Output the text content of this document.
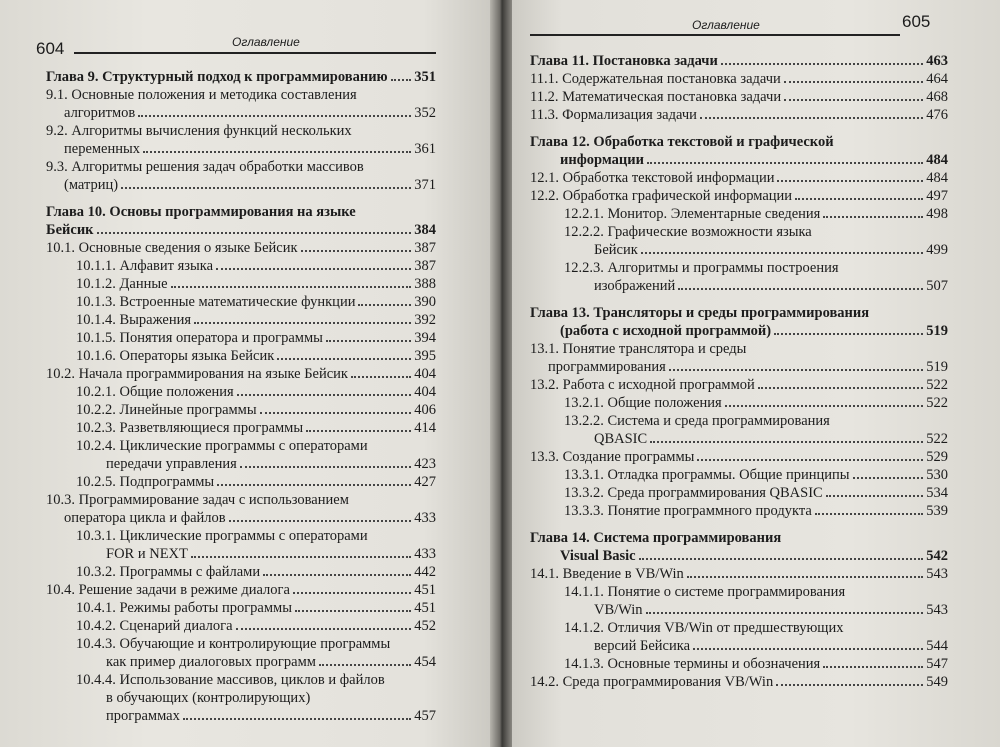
604	Оглавление
Глава 9. Структурный подход к программированию 351
9.1. Основные положения и методика составления
алгоритмов	352
9.2. Алгоритмы вычисления функций нескольких
переменных	361
9.3. Алгоритмы решения задач обработки массивов
(матриц)	371
Глава 10. Основы программирования на языке
Бейсик	384
10.1. Основные сведения о языке Бейсик	387
10.1.1. Алфавит языка	387
10.1.2. Данные	388
10.1.3. Встроенные математические функции	390
10.1.4. Выражения	392
10.1.5. Понятия оператора и программы	394
10.1.6. Операторы языка Бейсик	395
10.2. Начала программирования на языке Бейсик	404
10.2.1. Общие положения	404
10.2.2. Линейные программы	406
10.2.3. Разветвляющиеся программы	414
10.2.4. Циклические программы с операторами
передачи управления	423
10.2.5. Подпрограммы	427
10.3. Программирование задач с использованием
оператора цикла и файлов	433
10.3.1. Циклические программы с операторами
FOR и NEXT	433
10.3.2. Программы с файлами	442
10.4. Решение задачи в режиме диалога	451
10.4.1. Режимы работы программы	451
10.4.2. Сценарий диалога	452
10.4.3. Обучающие и контролирующие программы
как пример диалоговых программ	454
10.4.4. Использование массивов, циклов и файлов
в обучающих (контролирующих)
программах	457
Оглавление	605
Глава 11. Постановка задачи	463
11.1. Содержательная постановка задачи	464
11.2. Математическая постановка задачи	468
11.3. Формализация задачи	476
Глава 12. Обработка текстовой и графической
информации	484
12.1. Обработка текстовой информации	484
12.2. Обработка графической информации	497
12.2.1. Монитор. Элементарные сведения	498
12.2.2. Графические возможности языка
Бейсик	499
12.2.3. Алгоритмы и программы построения
изображений	507
Глава 13. Трансляторы и среды программирования
(работа с исходной программой)	519
13.1. Понятие транслятора и среды
программирования	519
13.2. Работа с исходной программой	522
13.2.1. Общие положения	522
13.2.2. Система и среда программирования
QBASIC	522
13.3. Создание программы	529
13.3.1. Отладка программы. Общие принципы	530
13.3.2. Среда программирования QBASIC	534
13.3.3. Понятие программного продукта	539
Глава 14. Система программирования
Visual Basic	542
14.1. Введение в VB/Win	543
14.1.1. Понятие о системе программирования
VB/Win	543
14.1.2. Отличия VB/Win от предшествующих
версий Бейсика	544
14.1.3. Основные термины и обозначения	547
14.2. Среда программирования VB/Win	549
